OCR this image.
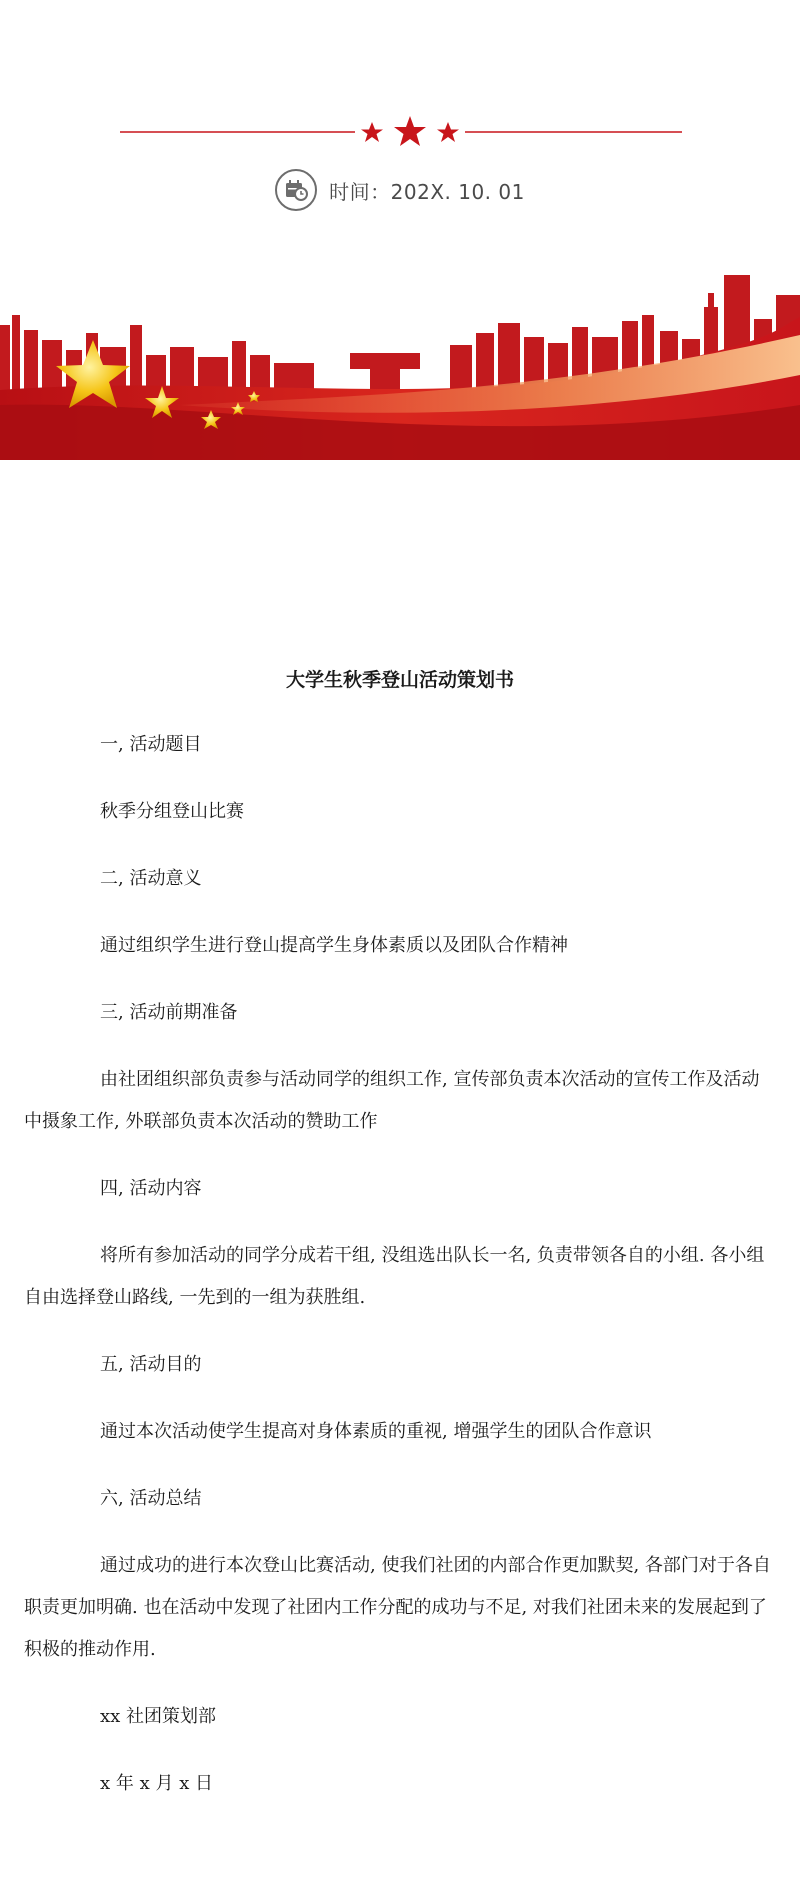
时间：202X. 10. 01
大学生秋季登山活动策划书

一, 活动题目

秋季分组登山比赛

二, 活动意义

通过组织学生进行登山提高学生身体素质以及团队合作精神

三, 活动前期准备

由社团组织部负责参与活动同学的组织工作, 宣传部负责本次活动的宣传工作及活动中摄象工作, 外联部负责本次活动的赞助工作

四, 活动内容

将所有参加活动的同学分成若干组, 没组选出队长一名, 负责带领各自的小组. 各小组自由选择登山路线, 一先到的一组为获胜组.

五, 活动目的

通过本次活动使学生提高对身体素质的重视, 增强学生的团队合作意识

六, 活动总结

通过成功的进行本次登山比赛活动, 使我们社团的内部合作更加默契, 各部门对于各自职责更加明确. 也在活动中发现了社团内工作分配的成功与不足, 对我们社团未来的发展起到了积极的推动作用.

xx 社团策划部

x 年 x 月 x 日
